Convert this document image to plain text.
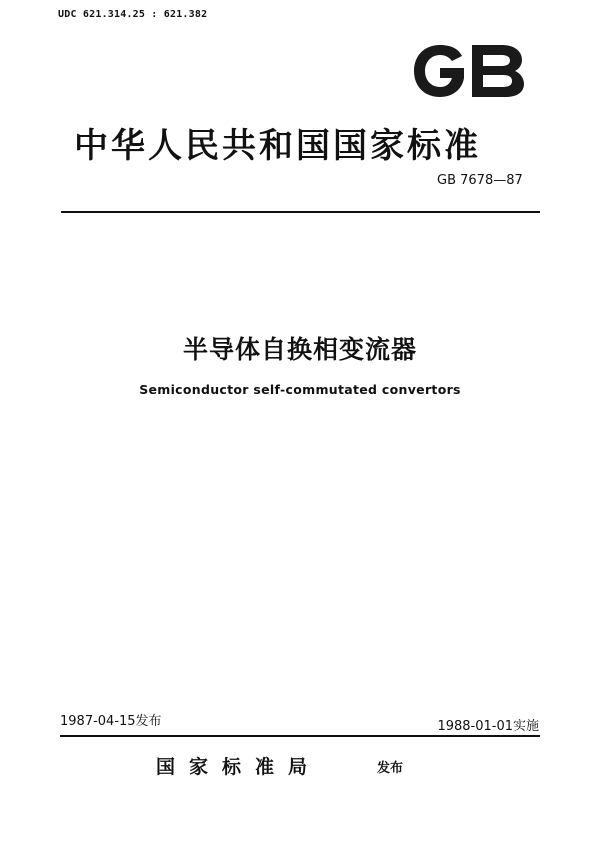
UDC 621.314.25 : 621.382
中华人民共和国国家标准
GB 7678—87
半导体自换相变流器
Semiconductor self-commutated convertors
1987-04-15发布	1988-01-01实施
国家标准局	发布
